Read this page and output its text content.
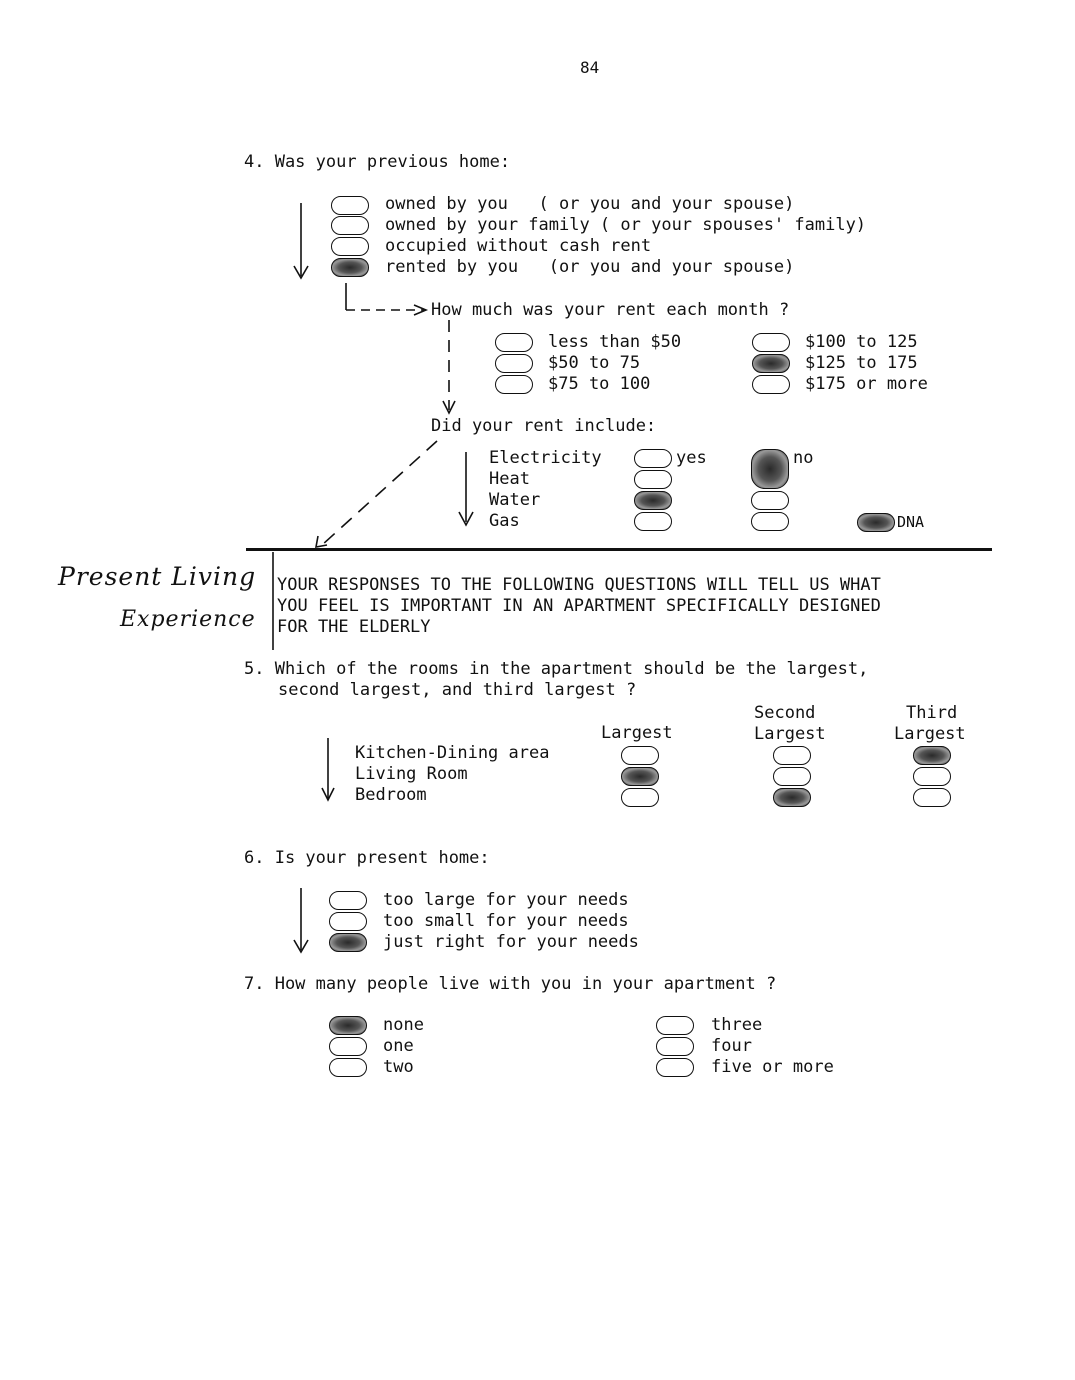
84
4. Was your previous home:
owned by you   ( or you and your spouse)
owned by your family ( or your spouses' family)
occupied without cash rent
rented by you   (or you and your spouse)
How much was your rent each month ?
less than $50
$50 to 75
$75 to 100
$100 to 125
$125 to 175
$175 or more
Did your rent include:
Electricity
Heat
Water
Gas
yes	no
DNA
Present Living
Experience
YOUR RESPONSES TO THE FOLLOWING QUESTIONS WILL TELL US WHAT
YOU FEEL IS IMPORTANT IN AN APARTMENT SPECIFICALLY DESIGNED
FOR THE ELDERLY
5. Which of the rooms in the apartment should be the largest,
second largest, and third largest ?
Largest
Second
Largest
Third
Largest
Kitchen-Dining area
Living Room
Bedroom
6. Is your present home:
too large for your needs
too small for your needs
just right for your needs
7. How many people live with you in your apartment ?
none
one
two
three
four
five or more
